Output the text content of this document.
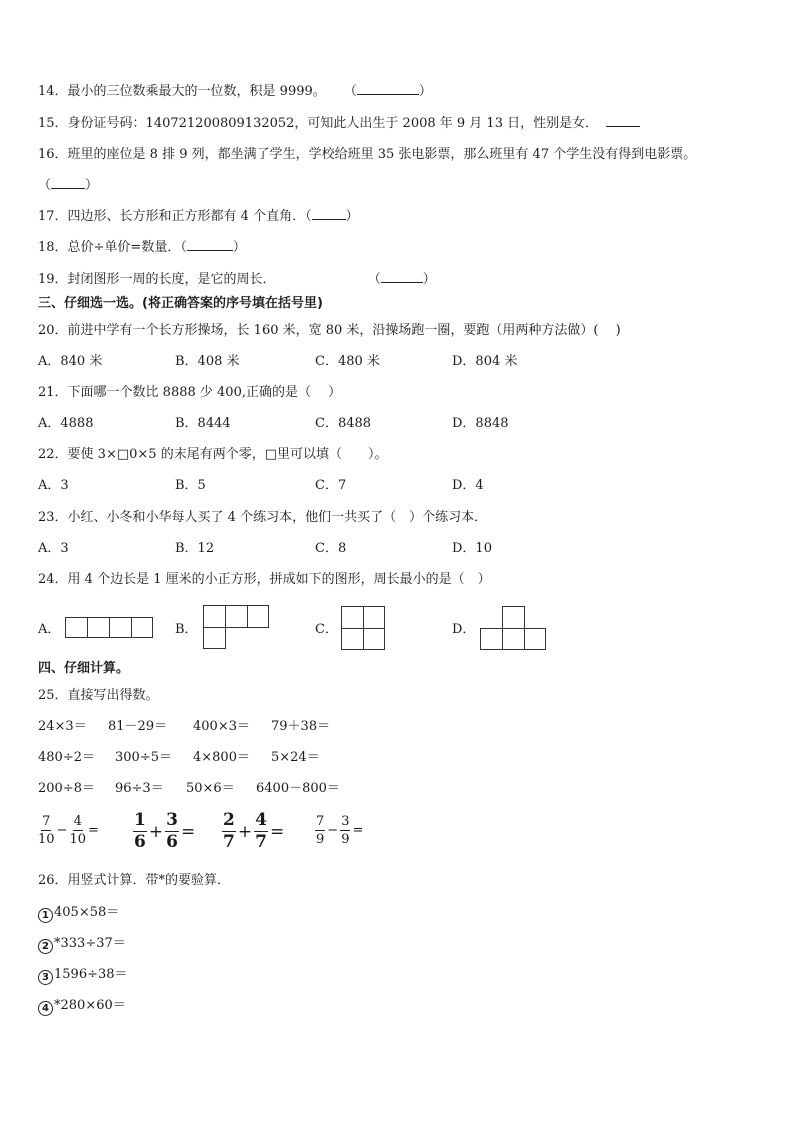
14．最小的三位数乘最大的一位数，积是 9999。 （	）
15．身份证号码：140721200809132052，可知此人出生于 2008 年 9 月 13 日，性别是女．
16．班里的座位是 8 排 9 列，都坐满了学生，学校给班里 35 张电影票，那么班里有 47 个学生没有得到电影票。
（	）
17．四边形、长方形和正方形都有 4 个直角．（	）
18．总价÷单价=数量．（	）
19．封闭图形一周的长度，是它的周长．	（	）
三、仔细选一选。(将正确答案的序号填在括号里)
20．前进中学有一个长方形操场，长 160 米，宽 80 米，沿操场跑一圈，要跑（用两种方法做）(　 )
A．840 米	B．408 米	C．480 米	D．804 米
21．下面哪一个数比 8888 少 400,正确的是（　 ）
A．4888	B．8444	C．8488	D．8848
22．要使 3×□0×5 的末尾有两个零，□里可以填（　　）。
A．3	B．5	C．7	D．4
23．小红、小冬和小华每人买了 4 个练习本，他们一共买了（　）个练习本．
A．3	B．12	C．8	D．10
24．用 4 个边长是 1 厘米的小正方形，拼成如下的图形，周长最小的是（　）
A．	B．	C．	D．
四、仔细计算。
25．直接写出得数。
24×3＝ 81－29＝ 400×3＝ 79＋38＝
480÷2＝ 300÷5＝ 4×800＝ 5×24＝
200÷8＝ 96÷3＝ 50×6＝ 6400－800＝
7
10
− $\frac{4}{10}$ =
1
6
+ $\frac{3}{6}$ =
2
7
+ $\frac{4}{7} = 7$
9
− $\frac{3}{9}$ =
26．用竖式计算．带*的要验算．
1 405×58＝
2 *333÷37＝
3 1596÷38＝
4 *280×60＝
